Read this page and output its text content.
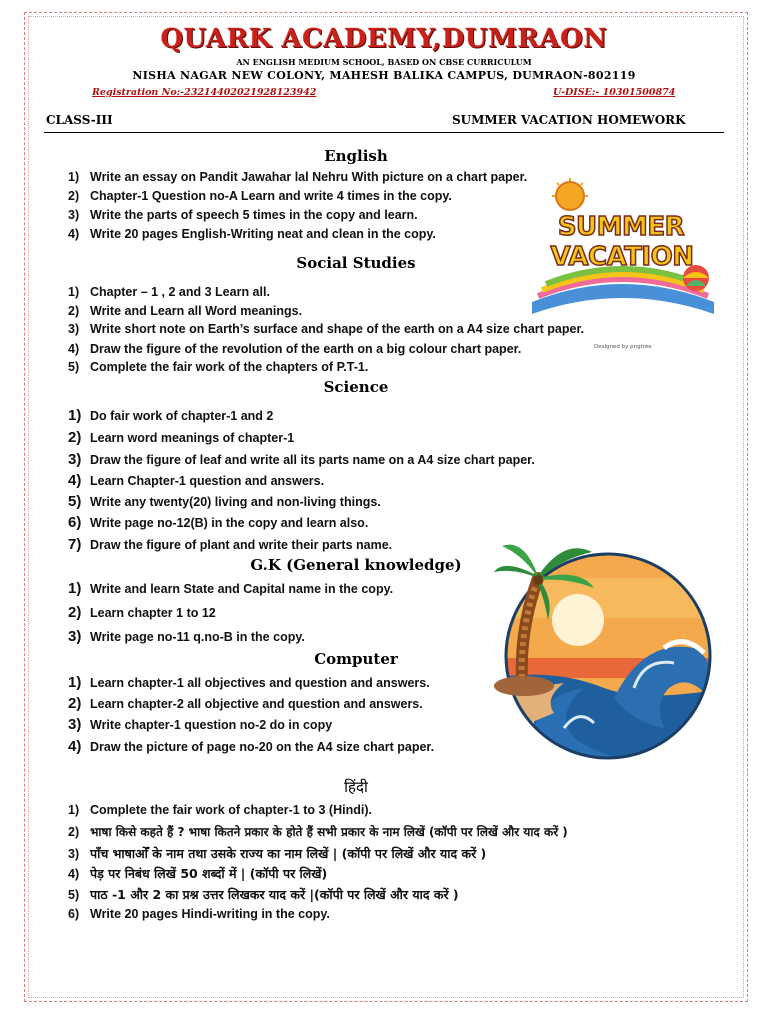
QUARK ACADEMY,DUMRAON
AN ENGLISH MEDIUM SCHOOL, BASED ON CBSE CURRICULUM
NISHA NAGAR NEW COLONY, MAHESH BALIKA CAMPUS, DUMRAON-802119
Registration No:-23214402021928123942	U-DISE:- 10301500874
CLASS-III	SUMMER VACATION HOMEWORK
English
1) Write an essay on Pandit Jawahar lal Nehru With picture on a chart paper.
2) Chapter-1 Question no-A Learn and write 4 times in the copy.
3) Write the parts of speech 5 times in the copy and learn.
4) Write 20 pages English-Writing neat and clean in the copy.
Social Studies
1) Chapter – 1 , 2 and 3 Learn all.
2) Write and Learn all Word meanings.
3) Write short note on Earth’s surface and shape of the earth on a A4 size chart paper.
4) Draw the figure of the revolution of the earth on a big colour chart paper.
5) Complete the fair work of the chapters of P.T-1.
Science
1) Do fair work of chapter-1 and 2
2) Learn word meanings of chapter-1
3) Draw the figure of leaf and write all its parts name on a A4 size chart paper.
4) Learn Chapter-1 question and answers.
5) Write any twenty(20) living and non-living things.
6) Write page no-12(B) in the copy and learn also.
7) Draw the figure of plant and write their parts name.
G.K (General knowledge)
1) Write and learn State and Capital name in the copy.
2) Learn chapter 1 to 12
3) Write page no-11 q.no-B in the copy.
Computer
1) Learn chapter-1 all objectives and question and answers.
2) Learn chapter-2 all objective and question and answers.
3) Write chapter-1 question no-2 do in copy
4) Draw the picture of page no-20 on the A4 size chart paper.
हिंदी
1) Complete the fair work of chapter-1 to 3 (Hindi).
2) भाषा किसे कहते हैं ? भाषा कितने प्रकार के होते हैं सभी प्रकार के नाम लिखें (कॉपी पर लिखें और याद करें )
3) पाँच भाषाओँ के नाम तथा उसके राज्य का नाम लिखें | (कॉपी पर लिखें और याद करें )
4) पेड़ पर निबंध लिखें 50 शब्दों में | (कॉपी पर लिखें)
5) पाठ -1 और 2 का प्रश्न उत्तर लिखकर याद करें |(कॉपी पर लिखें और याद करें )
6) Write 20 pages Hindi-writing in the copy.
SUMMER
VACATION
Designed by pngtree
